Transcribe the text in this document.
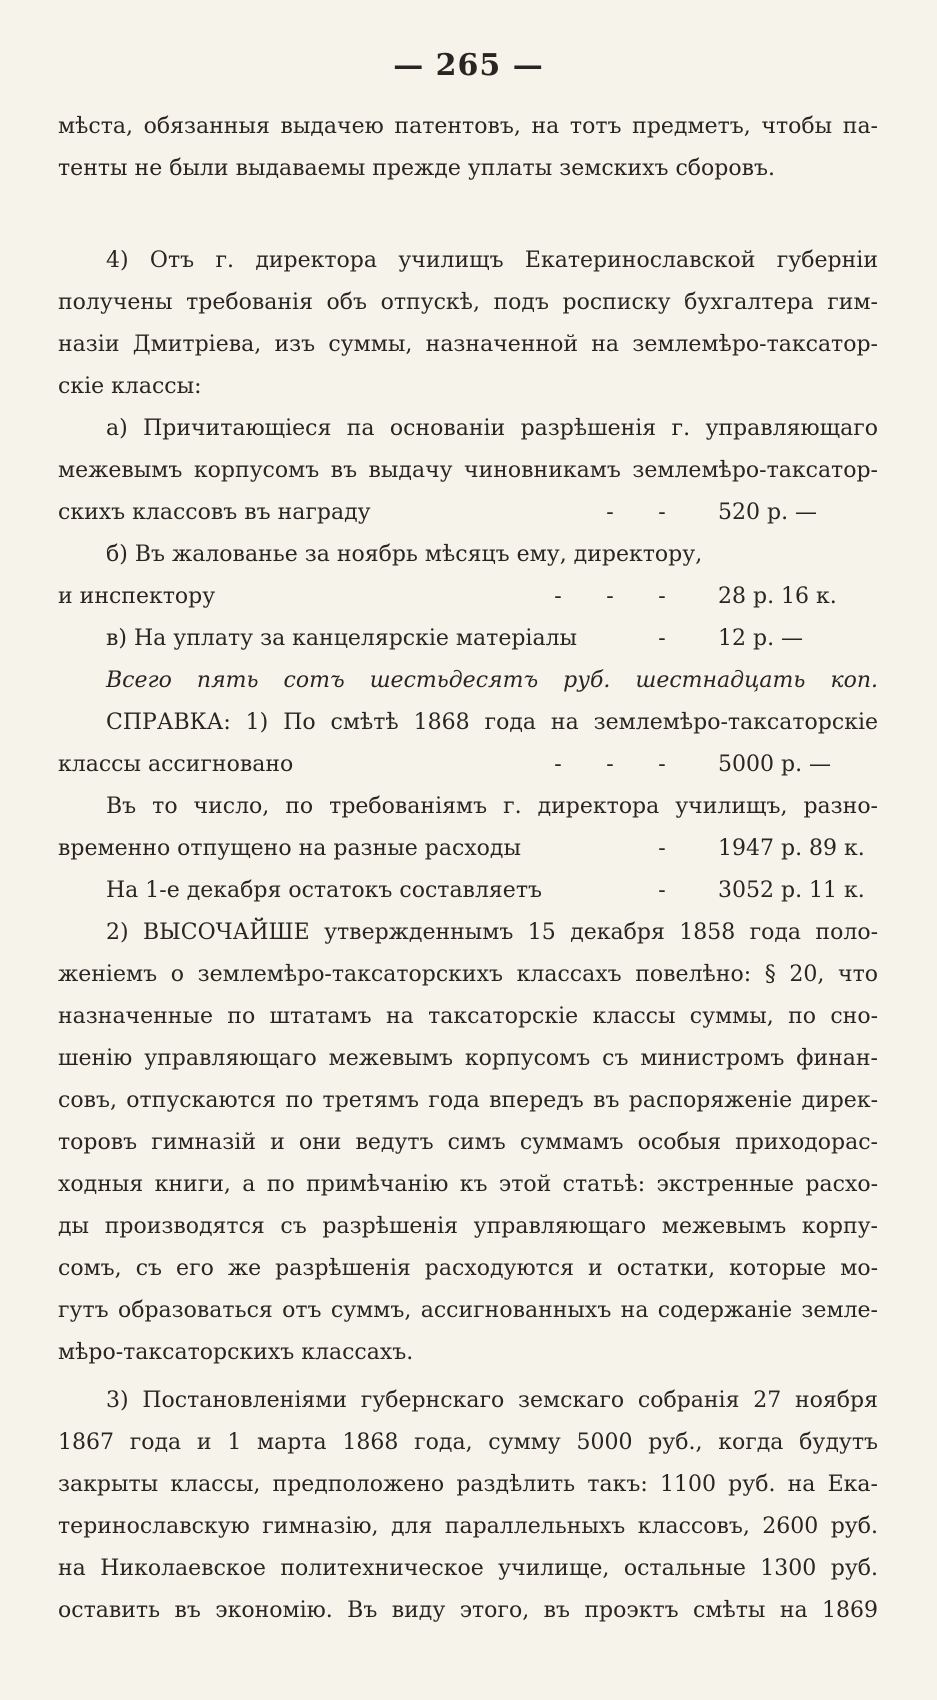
— 265 —
мѣста, обязанныя выдачею патентовъ, на тотъ предметъ, чтобы па-
тенты не были выдаваемы прежде уплаты земскихъ сборовъ.
4) Отъ г. директора училищъ Екатеринославской губерніи
получены требованія объ отпускѣ, подъ росписку бухгалтера гим-
назіи Дмитріева, изъ суммы, назначенной на землемѣро-таксатор-
скіе классы:
а) Причитающіеся па основаніи разрѣшенія г. управляющаго
межевымъ корпусомъ въ выдачу чиновникамъ землемѣро-таксатор-
скихъ классовъ въ награду	-	-	520 р. —
б) Въ жалованье за ноябрь мѣсяцъ ему, директору,
и инспектору	-	-	-	28 р. 16 к.
в) На уплату за канцелярскіе матеріалы	-	12 р. —
Всего пять сотъ шестьдесятъ руб. шестнадцать коп.
СПРАВКА: 1) По смѣтѣ 1868 года на землемѣро-таксаторскіе
классы ассигновано	-	-	-	5000 р. —
Въ то число, по требованіямъ г. директора училищъ, разно-
временно отпущено на разные расходы	-	1947 р. 89 к.
На 1-е декабря остатокъ составляетъ	-	3052 р. 11 к.
2) ВЫСОЧАЙШЕ утвержденнымъ 15 декабря 1858 года поло-
женіемъ о землемѣро-таксаторскихъ классахъ повелѣно: § 20, что
назначенные по штатамъ на таксаторскіе классы суммы, по сно-
шенію управляющаго межевымъ корпусомъ съ министромъ финан-
совъ, отпускаются по третямъ года впередъ въ распоряженіе дирек-
торовъ гимназій и они ведутъ симъ суммамъ особыя приходорас-
ходныя книги, а по примѣчанію къ этой статьѣ: экстренные расхо-
ды производятся съ разрѣшенія управляющаго межевымъ корпу-
сомъ, съ его же разрѣшенія расходуются и остатки, которые мо-
гутъ образоваться отъ суммъ, ассигнованныхъ на содержаніе земле-
мѣро-таксаторскихъ классахъ.
3) Постановленіями губернскаго земскаго собранія 27 ноября
1867 года и 1 марта 1868 года, сумму 5000 руб., когда будутъ
закрыты классы, предположено раздѣлить такъ: 1100 руб. на Ека-
теринославскую гимназію, для параллельныхъ классовъ, 2600 руб.
на Николаевское политехническое училище, остальные 1300 руб.
оставить въ экономію. Въ виду этого, въ проэктъ смѣты на 1869
